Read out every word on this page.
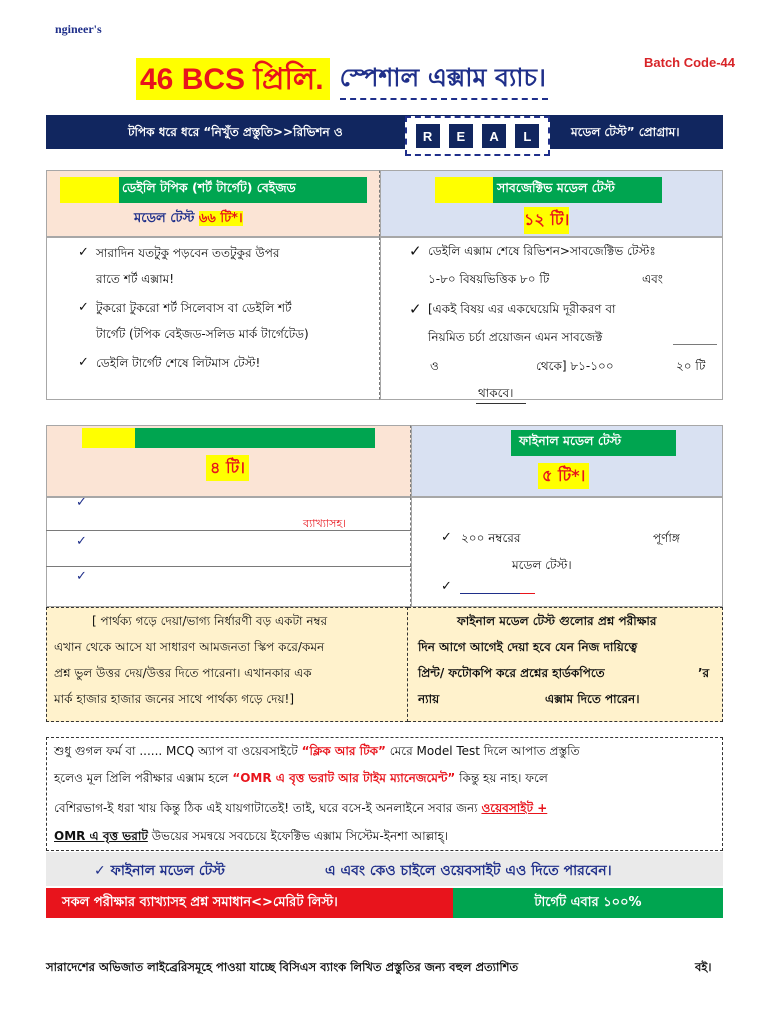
ngineer's
46 BCS প্রিলি. স্পেশাল এক্সাম ব্যাচ।
Batch Code-44
টপিক ধরে ধরে “নিখুঁত প্রস্তুতি>>রিভিশন ও	R	E	A	L	মডেল টেস্ট” প্রোগ্রাম।
ডেইলি টপিক (শর্ট টার্গেট) বেইজড
মডেল টেস্ট ৬৬ টি*।
সাবজেক্টিভ মডেল টেস্ট
১২ টি।
✓ সারাদিন যতটুকু পড়বেন ততটুকুর উপর
রাতে শর্ট এক্সাম!
✓ টুকরো টুকরো শর্ট সিলেবাস বা ডেইলি শর্ট
টার্গেট (টপিক বেইজড-সলিড মার্ক টার্গেটেড)
✓ ডেইলি টার্গেট শেষে লিটমাস টেস্ট!
✓ ডেইলি এক্সাম শেষে রিভিশন>সাবজেক্টিভ টেস্টঃ
১-৮০ বিষয়ভিত্তিক ৮০ টি	এবং
✓ [একই বিষয় এর একঘেয়েমি দূরীকরণ বা
নিয়মিত চর্চা প্রয়োজন এমন সাবজেক্ট
ও	থেকে] ৮১-১০০	২০ টি
থাকবে।
৪ টি।
ফাইনাল মডেল টেস্ট
৫ টি*।
✓
ব্যাখ্যাসহ।
✓
✓
✓ ২০০ নম্বরের	পূর্ণাঙ্গ
মডেল টেস্ট।
✓
[ পার্থক্য গড়ে দেয়া/ভাগ্য নির্ধারণী বড় একটা নম্বর
এখান থেকে আসে যা সাধারণ আমজনতা স্কিপ করে/কমন
প্রশ্ন ভুল উত্তর দেয়/উত্তর দিতে পারেনা। এখানকার এক
মার্ক হাজার হাজার জনের সাথে পার্থক্য গড়ে দেয়!]
ফাইনাল মডেল টেস্ট গুলোর প্রশ্ন পরীক্ষার
দিন আগে আগেই দেয়া হবে যেন নিজ দায়িত্বে
প্রিন্ট/ ফটোকপি করে প্রশ্নের হার্ডকপিতে	’র
ন্যায়	এক্সাম দিতে পারেন।
শুধু গুগল ফর্ম বা ...... MCQ অ্যাপ বা ওয়েবসাইটে “ক্লিক আর টিক” মেরে Model Test দিলে আপাত প্রস্তুতি
হলেও মূল প্রিলি পরীক্ষার এক্সাম হলে “OMR এ বৃত্ত ভরাট আর টাইম ম্যানেজমেন্ট” কিন্তু হয় নাহ। ফলে
বেশিরভাগ-ই ধরা খায় কিন্তু ঠিক এই যায়গাটাতেই! তাই, ঘরে বসে-ই অনলাইনে সবার জন্য ওয়েবসাইট +
OMR এ বৃত্ত ভরাট উভয়ের সমন্বয়ে সবচেয়ে ইফেক্টিভ এক্সাম সিস্টেম-ইনশা আল্লাহ্‌।
✓ ফাইনাল মডেল টেস্ট	এ এবং কেও চাইলে ওয়েবসাইট এও দিতে পারবেন।
সকল পরীক্ষার ব্যাখ্যাসহ প্রশ্ন সমাধান<>মেরিট লিস্ট।	টার্গেট এবার ১০০%
সারাদেশের অভিজাত লাইব্রেরিসমূহে পাওয়া যাচ্ছে বিসিএস ব্যাংক লিখিত প্রস্তুতির জন্য বহুল প্রত্যাশিত	বই।
